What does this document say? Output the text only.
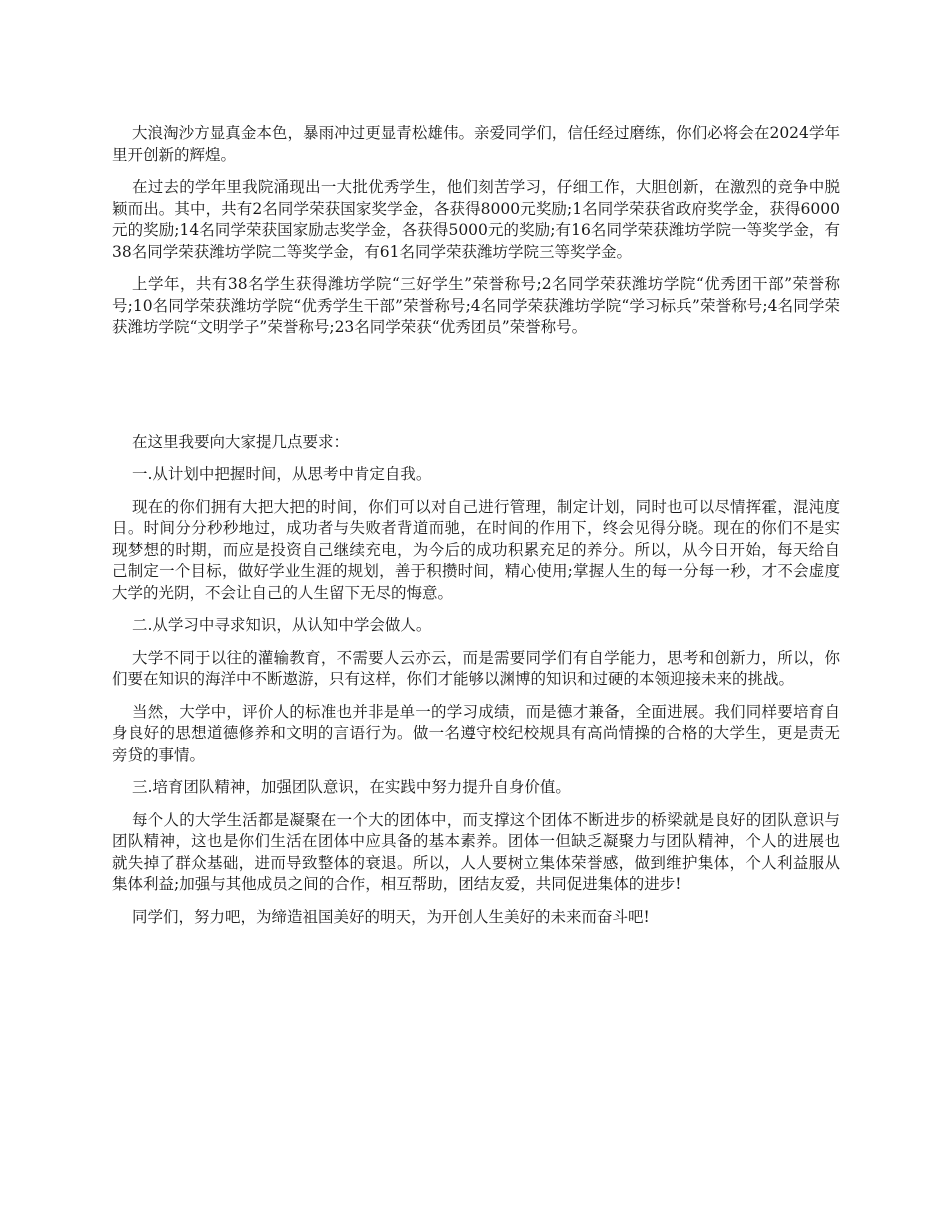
大浪淘沙方显真金本色，暴雨冲过更显青松雄伟。亲爱同学们，信任经过磨练，你们必将会在2024学年里开创新的辉煌。

在过去的学年里我院涌现出一大批优秀学生，他们刻苦学习，仔细工作，大胆创新，在激烈的竞争中脱颖而出。其中，共有2名同学荣获国家奖学金，各获得8000元奖励;1名同学荣获省政府奖学金，获得6000元的奖励;14名同学荣获国家励志奖学金，各获得5000元的奖励;有16名同学荣获潍坊学院一等奖学金，有38名同学荣获潍坊学院二等奖学金，有61名同学荣获潍坊学院三等奖学金。

上学年，共有38名学生获得潍坊学院“三好学生”荣誉称号;2名同学荣获潍坊学院“优秀团干部”荣誉称号;10名同学荣获潍坊学院“优秀学生干部”荣誉称号;4名同学荣获潍坊学院“学习标兵”荣誉称号;4名同学荣获潍坊学院“文明学子”荣誉称号;23名同学荣获“优秀团员”荣誉称号。

在这里我要向大家提几点要求：

一.从计划中把握时间，从思考中肯定自我。

现在的你们拥有大把大把的时间，你们可以对自己进行管理，制定计划，同时也可以尽情挥霍，混沌度日。时间分分秒秒地过，成功者与失败者背道而驰，在时间的作用下，终会见得分晓。现在的你们不是实现梦想的时期，而应是投资自己继续充电，为今后的成功积累充足的养分。所以，从今日开始，每天给自己制定一个目标，做好学业生涯的规划，善于积攒时间，精心使用;掌握人生的每一分每一秒，才不会虚度大学的光阴，不会让自己的人生留下无尽的悔意。

二.从学习中寻求知识，从认知中学会做人。

大学不同于以往的灌输教育，不需要人云亦云，而是需要同学们有自学能力，思考和创新力，所以，你们要在知识的海洋中不断遨游，只有这样，你们才能够以渊博的知识和过硬的本领迎接未来的挑战。

当然，大学中，评价人的标准也并非是单一的学习成绩，而是德才兼备，全面进展。我们同样要培育自身良好的思想道德修养和文明的言语行为。做一名遵守校纪校规具有高尚情操的合格的大学生，更是责无旁贷的事情。

三.培育团队精神，加强团队意识，在实践中努力提升自身价值。

每个人的大学生活都是凝聚在一个大的团体中，而支撑这个团体不断进步的桥梁就是良好的团队意识与团队精神，这也是你们生活在团体中应具备的基本素养。团体一但缺乏凝聚力与团队精神，个人的进展也就失掉了群众基础，进而导致整体的衰退。所以，人人要树立集体荣誉感，做到维护集体，个人利益服从集体利益;加强与其他成员之间的合作，相互帮助，团结友爱，共同促进集体的进步!

同学们，努力吧，为缔造祖国美好的明天，为开创人生美好的未来而奋斗吧!
